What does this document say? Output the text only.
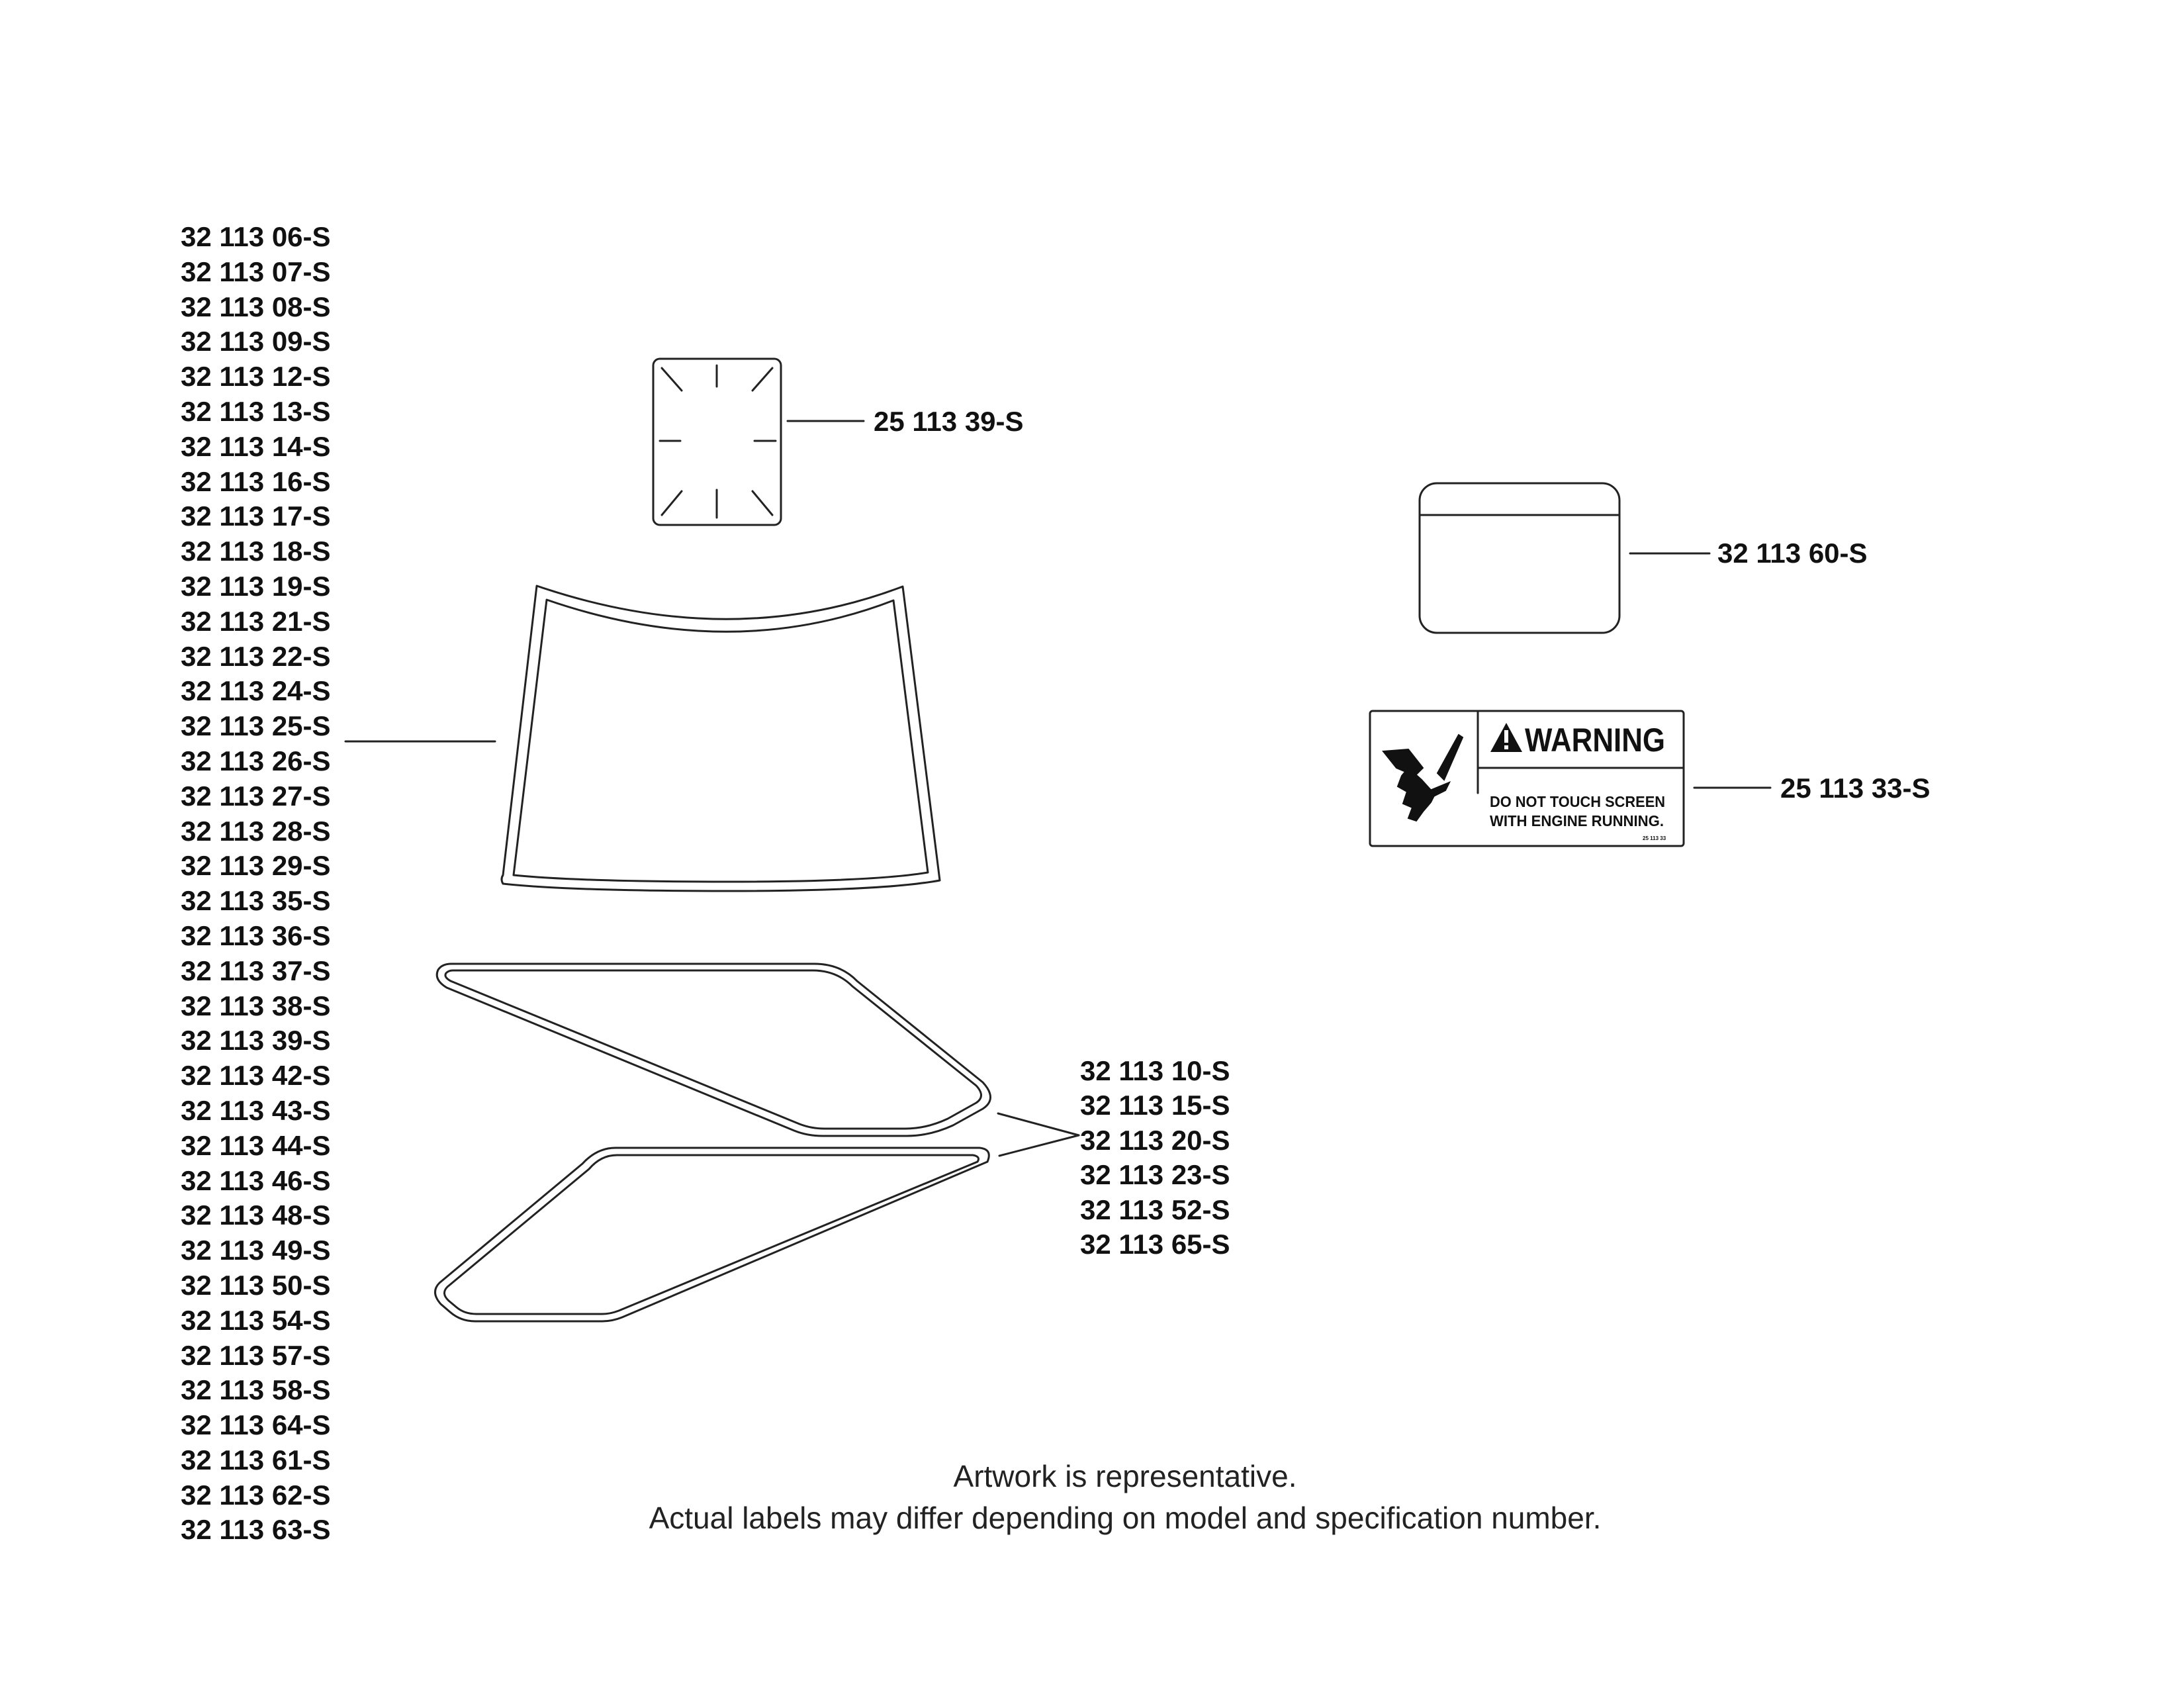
WARNING
DO NOT TOUCH SCREEN
WITH ENGINE RUNNING.
25 113 33
32 113 06-S
32 113 07-S
32 113 08-S
32 113 09-S
32 113 12-S
32 113 13-S
32 113 14-S
32 113 16-S
32 113 17-S
32 113 18-S
32 113 19-S
32 113 21-S
32 113 22-S
32 113 24-S
32 113 25-S
32 113 26-S
32 113 27-S
32 113 28-S
32 113 29-S
32 113 35-S
32 113 36-S
32 113 37-S
32 113 38-S
32 113 39-S
32 113 42-S
32 113 43-S
32 113 44-S
32 113 46-S
32 113 48-S
32 113 49-S
32 113 50-S
32 113 54-S
32 113 57-S
32 113 58-S
32 113 64-S
32 113 61-S
32 113 62-S
32 113 63-S
32 113 10-S
32 113 15-S
32 113 20-S
32 113 23-S
32 113 52-S
32 113 65-S
25 113 39-S
32 113 60-S
25 113 33-S
Artwork is representative.
Actual labels may differ depending on model and specification number.
